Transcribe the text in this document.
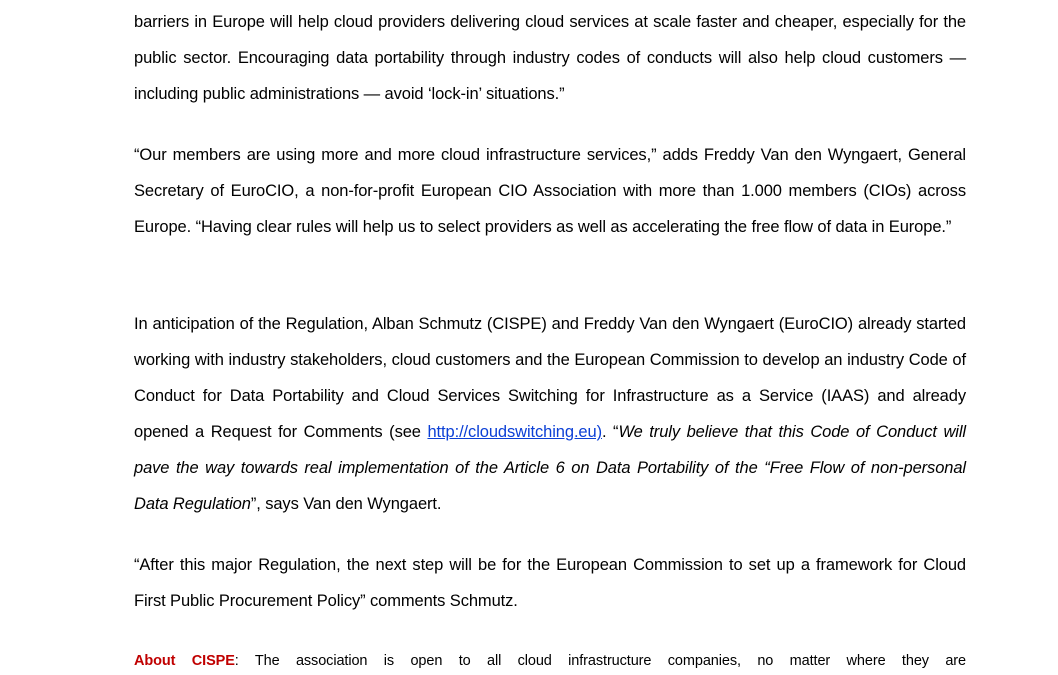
barriers in Europe will help cloud providers delivering cloud services at scale faster and cheaper, especially for the public sector. Encouraging data portability through industry codes of conducts will also help cloud customers — including public administrations — avoid ‘lock-in’ situations.”

“Our members are using more and more cloud infrastructure services,” adds Freddy Van den Wyngaert, General Secretary of EuroCIO, a non-for-profit European CIO Association with more than 1.000 members (CIOs) across Europe. “Having clear rules will help us to select providers as well as accelerating the free flow of data in Europe.”

In anticipation of the Regulation, Alban Schmutz (CISPE) and Freddy Van den Wyngaert (EuroCIO) already started working with industry stakeholders, cloud customers and the European Commission to develop an industry Code of Conduct for Data Portability and Cloud Services Switching for Infrastructure as a Service (IAAS) and already opened a Request for Comments (see http://cloudswitching.eu). “We truly believe that this Code of Conduct will pave the way towards real implementation of the Article 6 on Data Portability of the “Free Flow of non-personal Data Regulation”, says Van den Wyngaert.

“After this major Regulation, the next step will be for the European Commission to set up a framework for Cloud First Public Procurement Policy” comments Schmutz.

About CISPE: The association is open to all cloud infrastructure companies, no matter where they are
